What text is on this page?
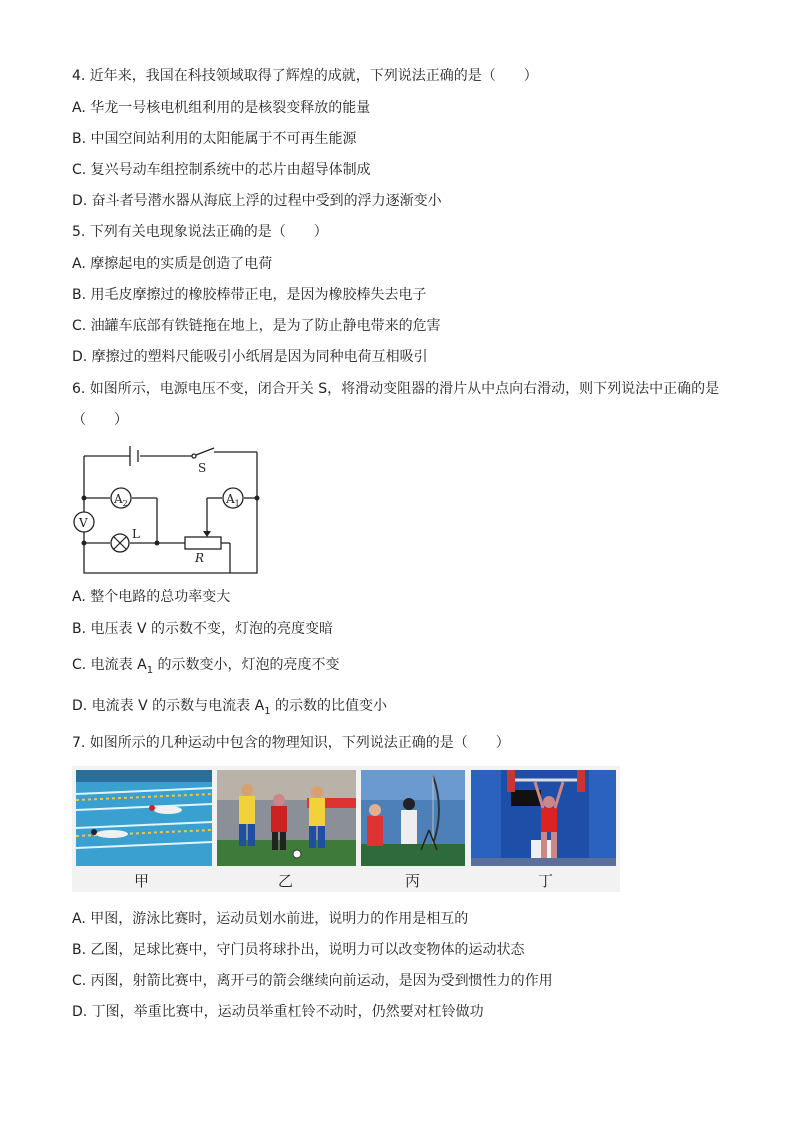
4. 近年来，我国在科技领域取得了辉煌的成就，下列说法正确的是（　　）
A. 华龙一号核电机组利用的是核裂变释放的能量
B. 中国空间站利用的太阳能属于不可再生能源
C. 复兴号动车组控制系统中的芯片由超导体制成
D. 奋斗者号潜水器从海底上浮的过程中受到的浮力逐渐变小
5. 下列有关电现象说法正确的是（　　）
A. 摩擦起电的实质是创造了电荷
B. 用毛皮摩擦过的橡胶棒带正电，是因为橡胶棒失去电子
C. 油罐车底部有铁链拖在地上，是为了防止静电带来的危害
D. 摩擦过的塑料尺能吸引小纸屑是因为同种电荷互相吸引
6. 如图所示，电源电压不变，闭合开关 S，将滑动变阻器的滑片从中点向右滑动，则下列说法中正确的是
（　　）
$A_2$	$A_1$
V
L
S
R
A. 整个电路的总功率变大
B. 电压表 V 的示数不变，灯泡的亮度变暗
C. 电流表 $A_1$ 的示数变小，灯泡的亮度不变
D. 电流表 V 的示数与电流表 $A_1$ 的示数的比值变小
7. 如图所示的几种运动中包含的物理知识，下列说法正确的是（　　）
甲	乙	丙	丁
A. 甲图，游泳比赛时，运动员划水前进，说明力的作用是相互的
B. 乙图，足球比赛中，守门员将球扑出，说明力可以改变物体的运动状态
C. 丙图，射箭比赛中，离开弓的箭会继续向前运动，是因为受到惯性力的作用
D. 丁图，举重比赛中，运动员举重杠铃不动时，仍然要对杠铃做功
